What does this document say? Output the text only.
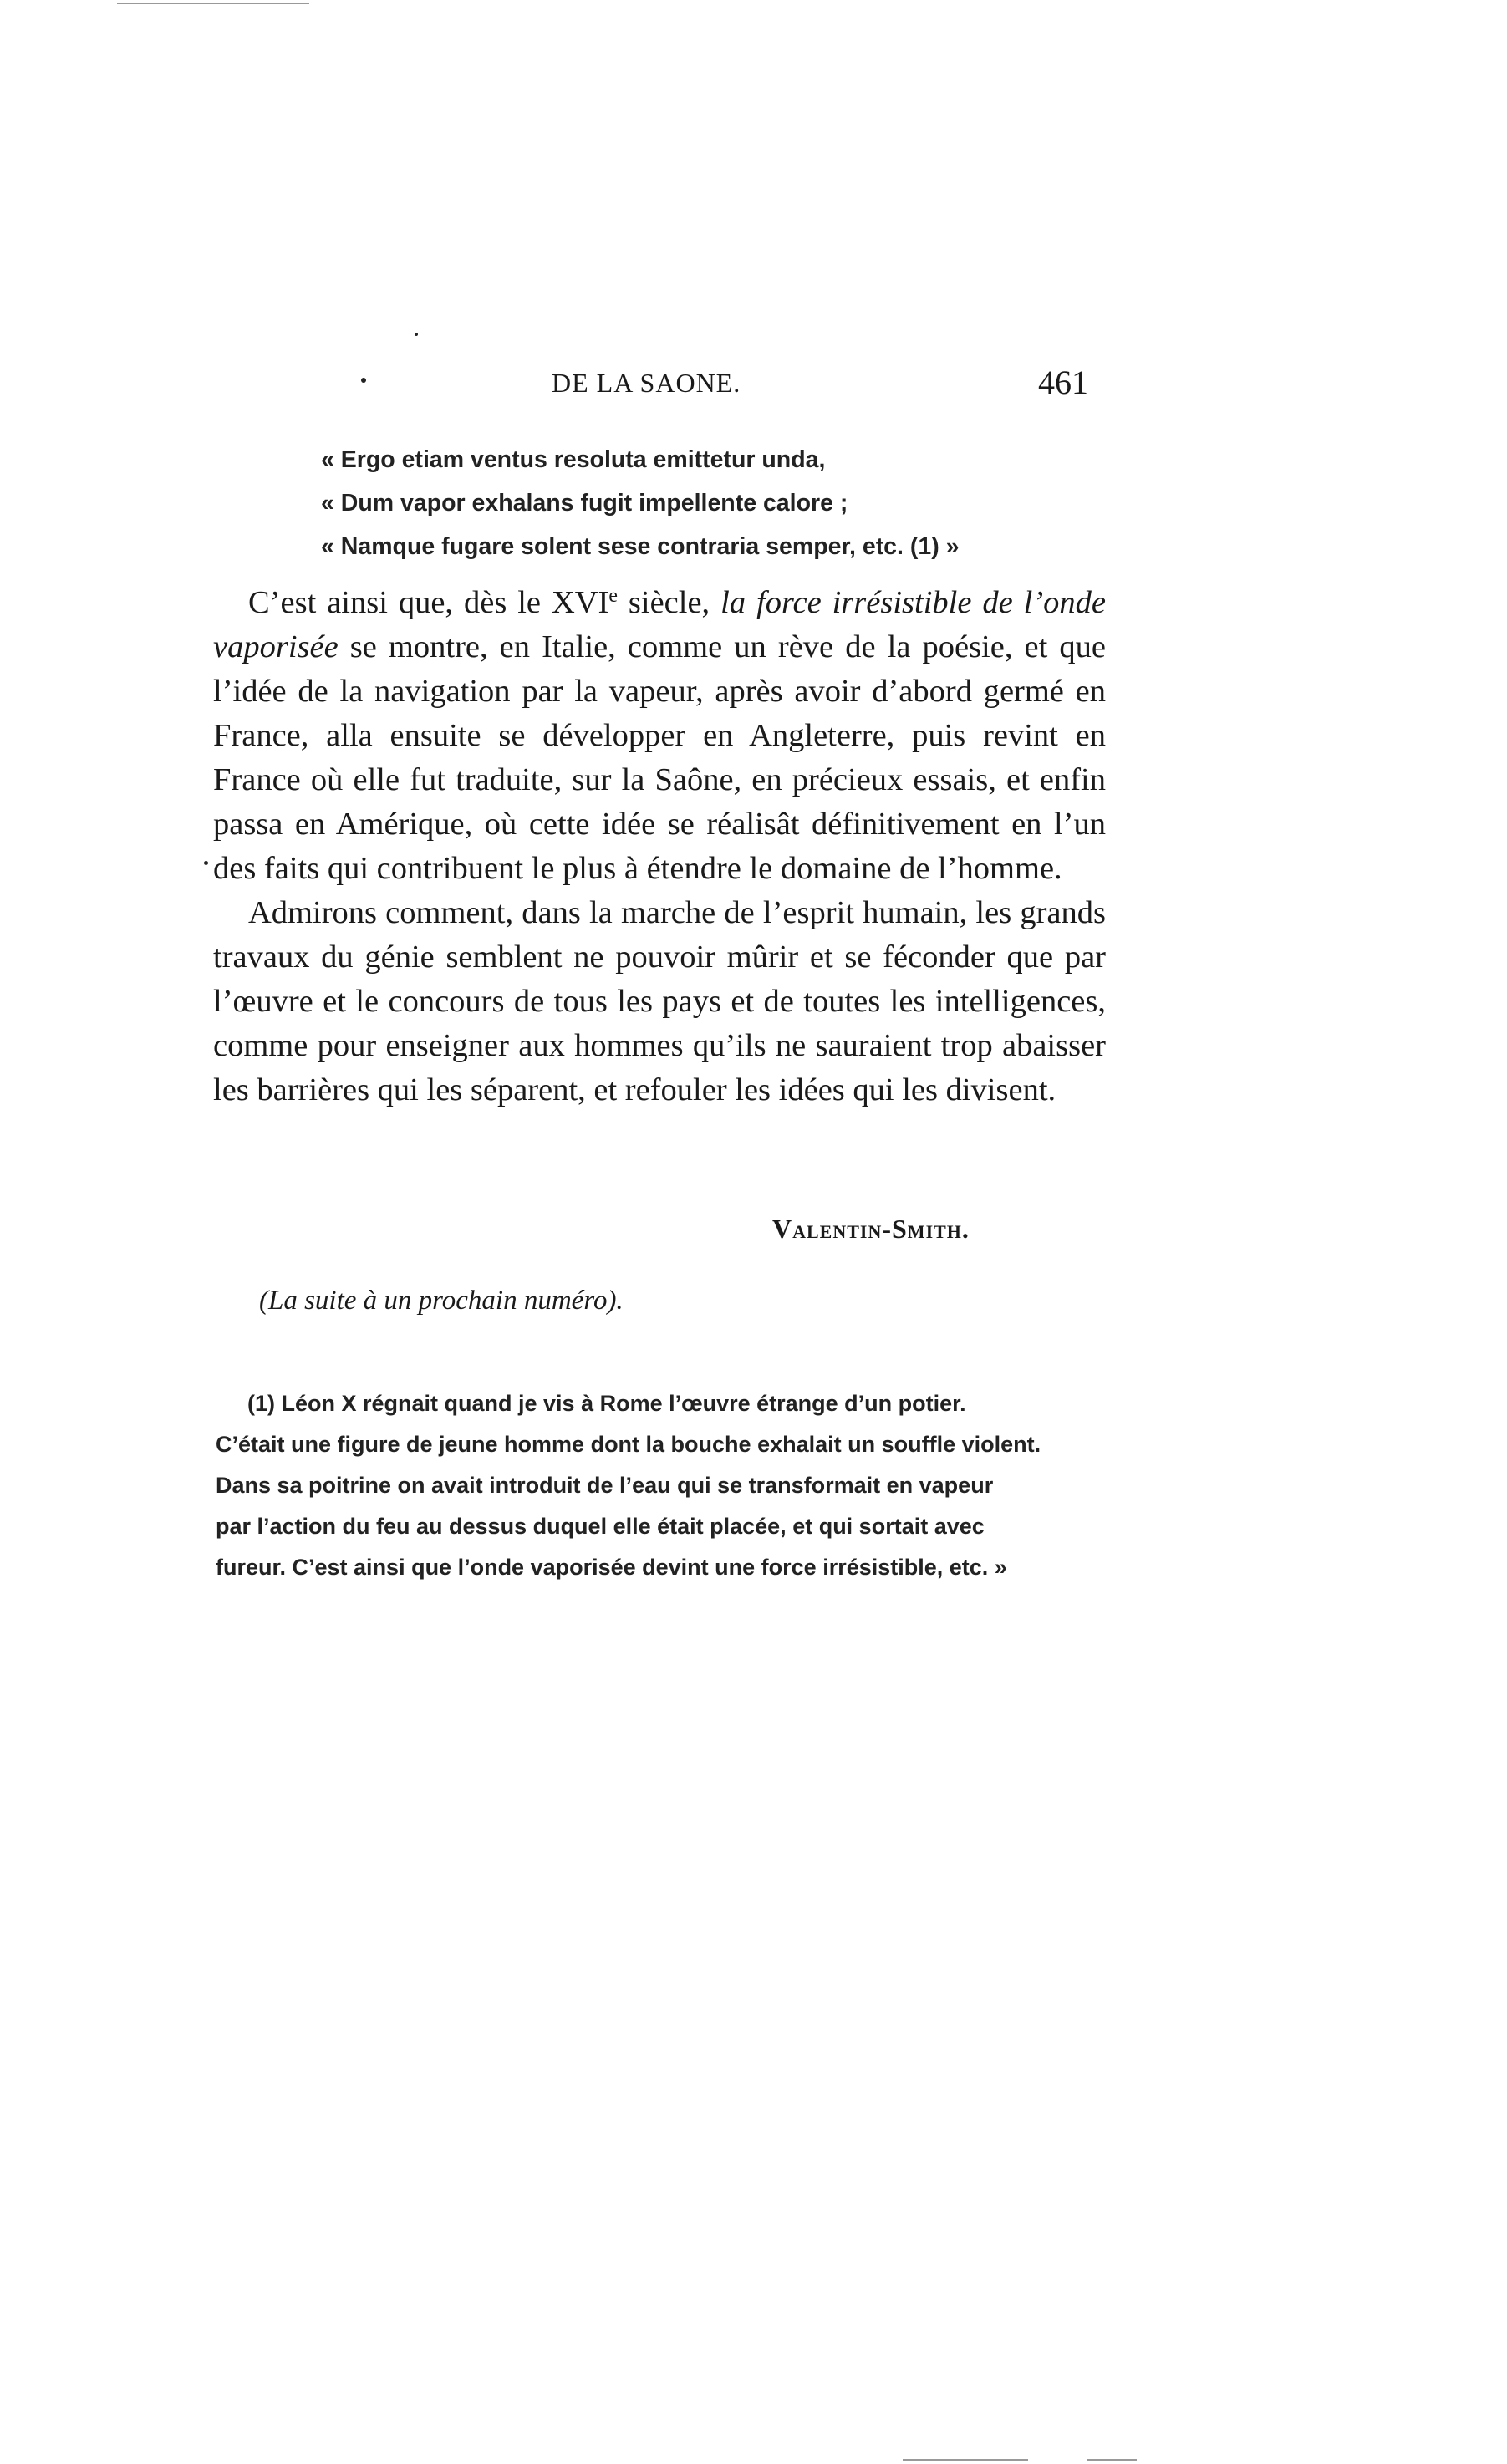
DE LA SAONE.	461
« Ergo etiam ventus resoluta emittetur unda,
« Dum vapor exhalans fugit impellente calore ;
« Namque fugare solent sese contraria semper, etc. (1) »

C’est ainsi que, dès le XVIe siècle, la force irrésistible de l’onde vaporisée se montre, en Italie, comme un rève de la poésie, et que l’idée de la navigation par la vapeur, après avoir d’abord germé en France, alla ensuite se développer en Angleterre, puis revint en France où elle fut traduite, sur la Saône, en précieux essais, et enfin passa en Amérique, où cette idée se réalisât définitivement en l’un des faits qui contribuent le plus à étendre le domaine de l’homme.

Admirons comment, dans la marche de l’esprit humain, les grands travaux du génie semblent ne pouvoir mûrir et se féconder que par l’œuvre et le concours de tous les pays et de toutes les intelligences, comme pour enseigner aux hommes qu’ils ne sauraient trop abaisser les barrières qui les séparent, et refouler les idées qui les divisent.

Valentin-Smith.
(La suite à un prochain numéro).
(1) Léon X régnait quand je vis à Rome l’œuvre étrange d’un potier.
C’était une figure de jeune homme dont la bouche exhalait un souffle violent.
Dans sa poitrine on avait introduit de l’eau qui se transformait en vapeur
par l’action du feu au dessus duquel elle était placée, et qui sortait avec
fureur. C’est ainsi que l’onde vaporisée devint une force irrésistible, etc. »
